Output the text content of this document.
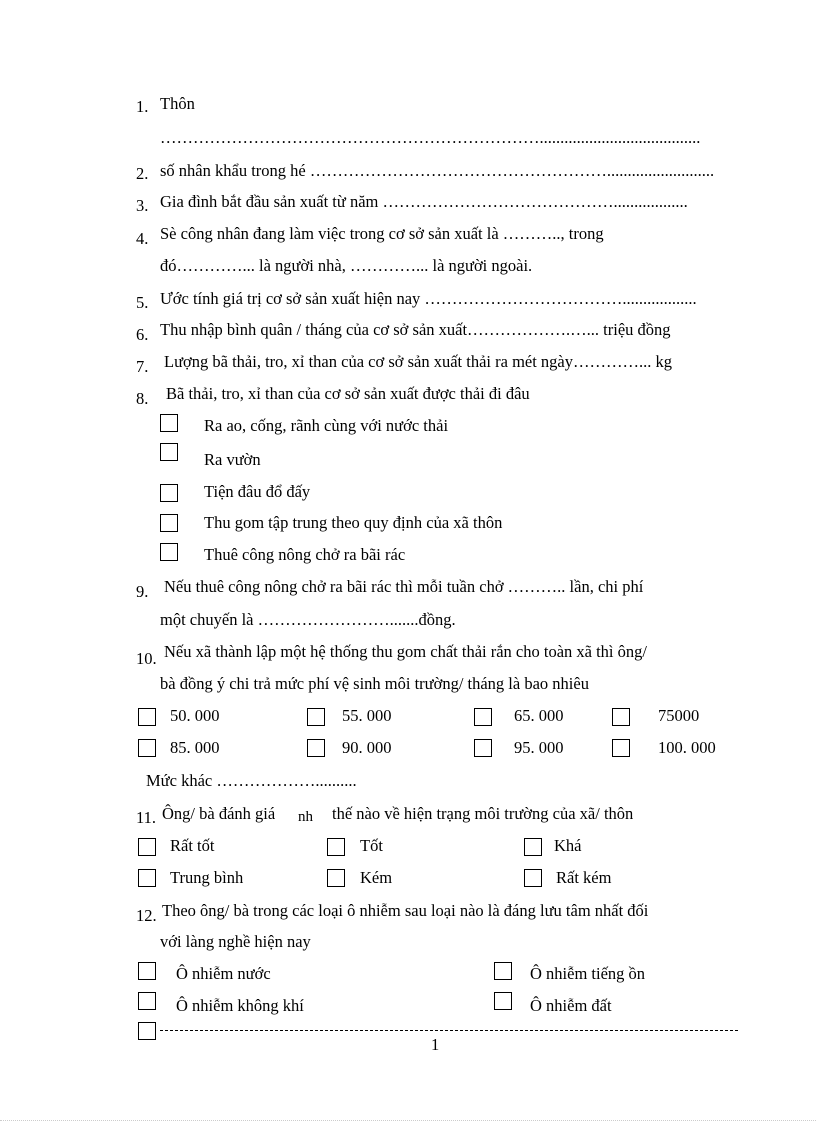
1. Thôn
…………………………………………………………….......................................
2. số nhân khẩu trong hé ………………………………………………..........................
3. Gia đình bắt đầu sản xuất từ năm ……………………………………..................
4. Sè công nhân đang làm việc trong cơ sở sản xuất là ……….., trong
đó…………... là người nhà, …………... là người ngoài.
5. Ước tính giá trị cơ sở sản xuất hiện nay ………………………………..................
6. Thu nhập bình quân / tháng của cơ sở sản xuất……………….…... triệu đồng
7. Lượng bã thải, tro, xỉ than của cơ sở sản xuất thải ra mét ngày…………... kg
8. Bã thải, tro, xỉ than của cơ sở sản xuất được thải đi đâu
Ra ao, cống, rãnh cùng với nước thải
Ra vườn
Tiện đâu đổ đấy
Thu gom tập trung theo quy định của xã thôn
Thuê công nông chở ra bãi rác
9. Nếu thuê công nông chở ra bãi rác thì mỗi tuần chở ……….. lần, chi phí
một chuyến là …………………….......đồng.
10. Nếu xã thành lập một hệ thống thu gom chất thải rắn cho toàn xã thì ông/
bà đồng ý chi trả mức phí vệ sinh môi trường/ tháng là bao nhiêu
50. 000	55. 000	65. 000	75000
85. 000	90. 000	95. 000	100. 000
Mức khác ………………..........
11. Ông/ bà đánh giá nh thế nào về hiện trạng môi trường của xã/ thôn
Rất tốt	Tốt	Khá
Trung bình	Kém	Rất kém
12. Theo ông/ bà trong các loại ô nhiễm sau loại nào là đáng lưu tâm nhất đối
với làng nghề hiện nay
Ô nhiễm nước	Ô nhiễm tiếng ồn
Ô nhiễm không khí	Ô nhiễm đất
1
